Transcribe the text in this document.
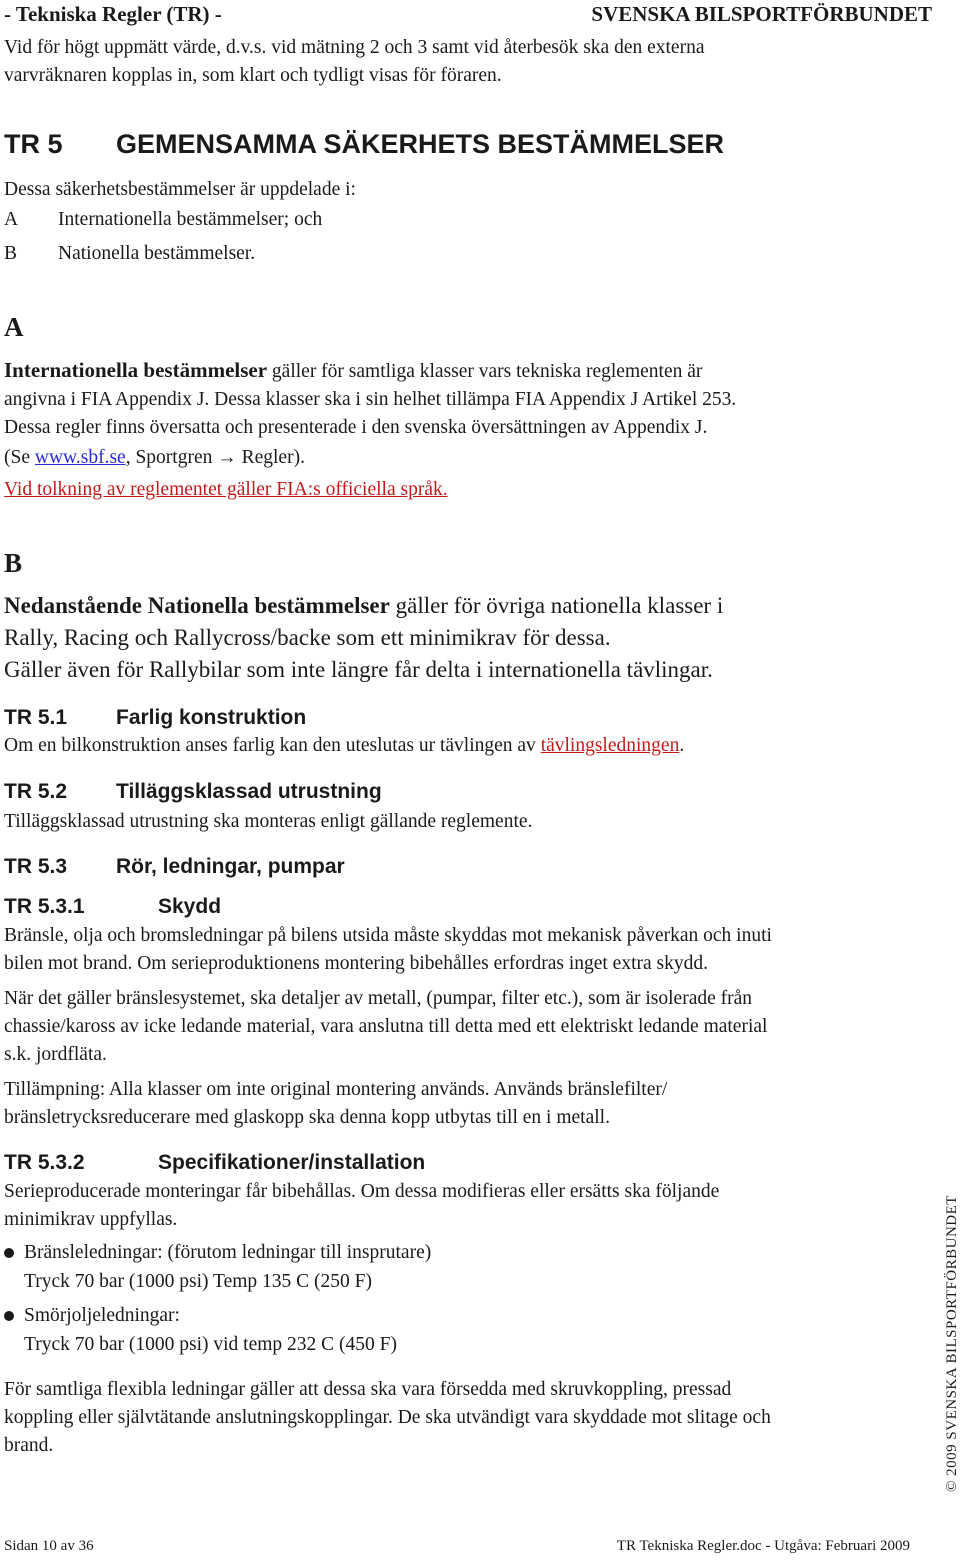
- Tekniska Regler (TR) -	SVENSKA BILSPORTFÖRBUNDET
Vid för högt uppmätt värde, d.v.s. vid mätning 2 och 3 samt vid återbesök ska den externa
varvräknaren kopplas in, som klart och tydligt visas för föraren.
TR 5 GEMENSAMMA SÄKERHETS BESTÄMMELSER
Dessa säkerhetsbestämmelser är uppdelade i:
A Internationella bestämmelser; och
B Nationella bestämmelser.
A
Internationella bestämmelser gäller för samtliga klasser vars tekniska reglementen är
angivna i FIA Appendix J. Dessa klasser ska i sin helhet tillämpa FIA Appendix J Artikel 253.
Dessa regler finns översatta och presenterade i den svenska översättningen av Appendix J.
(Se www.sbf.se, Sportgren → Regler).
Vid tolkning av reglementet gäller FIA:s officiella språk.
B
Nedanstående Nationella bestämmelser gäller för övriga nationella klasser i
Rally, Racing och Rallycross/backe som ett minimikrav för dessa.
Gäller även för Rallybilar som inte längre får delta i internationella tävlingar.
TR 5.1 Farlig konstruktion
Om en bilkonstruktion anses farlig kan den uteslutas ur tävlingen av tävlingsledningen.
TR 5.2 Tilläggsklassad utrustning
Tilläggsklassad utrustning ska monteras enligt gällande reglemente.
TR 5.3 Rör, ledningar, pumpar
TR 5.3.1	Skydd
Bränsle, olja och bromsledningar på bilens utsida måste skyddas mot mekanisk påverkan och inuti
bilen mot brand. Om serieproduktionens montering bibehålles erfordras inget extra skydd.
När det gäller bränslesystemet, ska detaljer av metall, (pumpar, filter etc.), som är isolerade från
chassie/kaross av icke ledande material, vara anslutna till detta med ett elektriskt ledande material
s.k. jordfläta.
Tillämpning: Alla klasser om inte original montering används. Används bränslefilter/
bränsletrycksreducerare med glaskopp ska denna kopp utbytas till en i metall.
TR 5.3.2	Specifikationer/installation
Serieproducerade monteringar får bibehållas. Om dessa modifieras eller ersätts ska följande
minimikrav uppfyllas.
Bränsleledningar: (förutom ledningar till insprutare)
Tryck 70 bar (1000 psi) Temp 135 C (250 F)
Smörjoljeledningar:
Tryck 70 bar (1000 psi) vid temp 232 C (450 F)
För samtliga flexibla ledningar gäller att dessa ska vara försedda med skruvkoppling, pressad
koppling eller självtätande anslutningskopplingar. De ska utvändigt vara skyddade mot slitage och
brand.	© 2009 SVENSKA BILSPORTFÖRBUNDET
Sidan 10 av 36	TR Tekniska Regler.doc - Utgåva: Februari 2009
